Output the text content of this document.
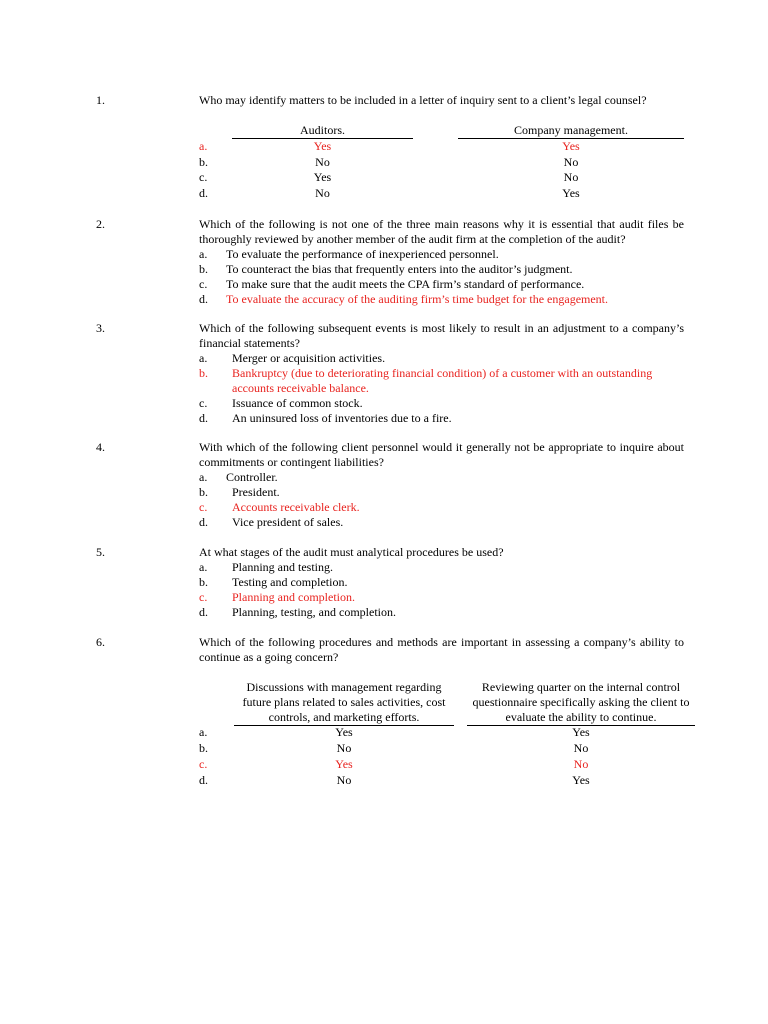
1.	Who may identify matters to be included in a letter of inquiry sent to a client’s legal counsel?
Auditors.	Company management.
a.	Yes	Yes
b.	No	No
c.	Yes	No
d.	No	Yes
2.	Which of the following is not one of the three main reasons why it is essential that audit files be thoroughly reviewed by another member of the audit firm at the completion of the audit?
a. To evaluate the performance of inexperienced personnel.
b. To counteract the bias that frequently enters into the auditor’s judgment.
c. To make sure that the audit meets the CPA firm’s standard of performance.
d. To evaluate the accuracy of the auditing firm’s time budget for the engagement.
3.	Which of the following subsequent events is most likely to result in an adjustment to a company’s financial statements?
a. Merger or acquisition activities.
b. Bankruptcy (due to deteriorating financial condition) of a customer with an outstanding accounts receivable balance.
c. Issuance of common stock.
d. An uninsured loss of inventories due to a fire.
4.	With which of the following client personnel would it generally not be appropriate to inquire about commitments or contingent liabilities?
a. Controller.
b. President.
c. Accounts receivable clerk.
d. Vice president of sales.
5.	At what stages of the audit must analytical procedures be used?
a. Planning and testing.
b. Testing and completion.
c. Planning and completion.
d. Planning, testing, and completion.
6.	Which of the following procedures and methods are important in assessing a company’s ability to continue as a going concern?
Discussions with management regarding future plans related to sales activities, cost controls, and marketing efforts.
Reviewing quarter on the internal control questionnaire specifically asking the client to evaluate the ability to continue.
a.	Yes	Yes
b.	No	No
c.	Yes	No
d.	No	Yes
